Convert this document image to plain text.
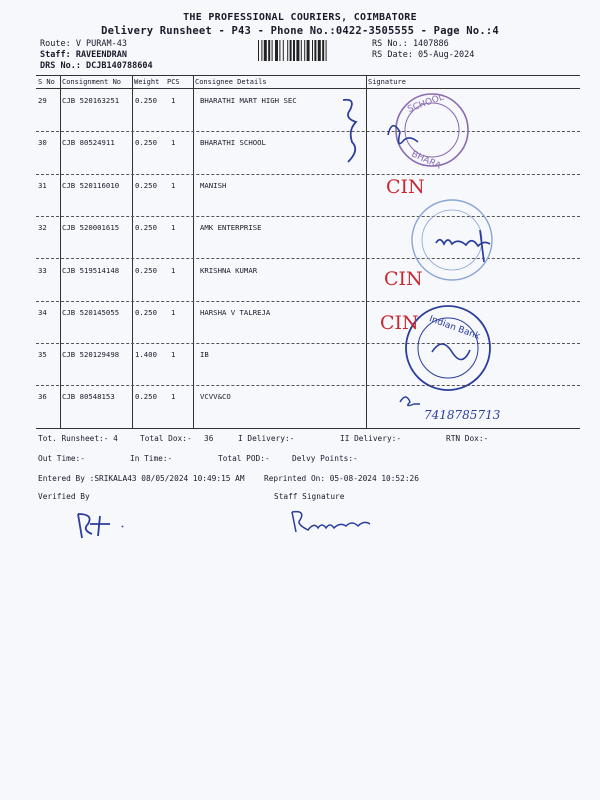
THE PROFESSIONAL COURIERS, COIMBATORE
Delivery Runsheet - P43 - Phone No.:0422-3505555 - Page No.:4
Route: V PURAM-43
Staff: RAVEENDRAN
DRS No.: DCJB140788604
RS No.: 1407886
RS Date: 05-Aug-2024
S No Consignment No Weight PCS Consignee Details	Signature
29 CJB 520163251 0.250 1	BHARATHI MART HIGH SEC
30 CJB 80524911	0.250 1	BHARATHI SCHOOL
31 CJB 520116010 0.250 1	MANISH
32 CJB 520001615 0.250 1	AMK ENTERPRISE
33 CJB 519514148 0.250 1	KRISHNA KUMAR
34 CJB 520145055 0.250 1	HARSHA V TALREJA
35 CJB 520129498 1.400 1	IB
36 CJB 80548153	0.250 1	VCVV&CO
SCHOOL
BHARA
Indian Bank
CIN
CIN
CIN
7418785713
Tot. Runsheet:- 4	Total Dox:- 36	I Delivery:-	II Delivery:-	RTN Dox:-
Out Time:-	In Time:-	Total POD:-	Delvy Points:-
Entered By :SRIKALA43 08/05/2024 10:49:15 AM Reprinted On: 05-08-2024 10:52:26
Verified By	Staff Signature
